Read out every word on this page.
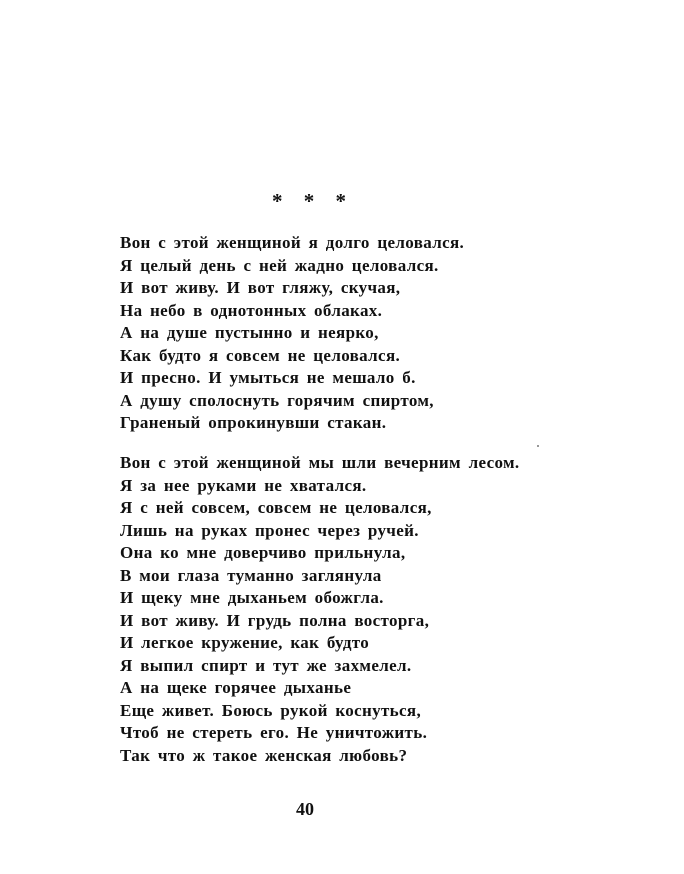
* * *
Вон с этой женщиной я долго целовался.
Я целый день с ней жадно целовался.
И вот живу. И вот гляжу, скучая,
На небо в однотонных облаках.
А на душе пустынно и неярко,
Как будто я совсем не целовался.
И пресно. И умыться не мешало б.
А душу сполоснуть горячим спиртом,
Граненый опрокинувши стакан.
Вон с этой женщиной мы шли вечерним лесом.
Я за нее руками не хватался.
Я с ней совсем, совсем не целовался,
Лишь на руках пронес через ручей.
Она ко мне доверчиво прильнула,
В мои глаза туманно заглянула
И щеку мне дыханьем обожгла.
И вот живу. И грудь полна восторга,
И легкое кружение, как будто
Я выпил спирт и тут же захмелел.
А на щеке горячее дыханье
Еще живет. Боюсь рукой коснуться,
Чтоб не стереть его. Не уничтожить.
Так что ж такое женская любовь?
40
